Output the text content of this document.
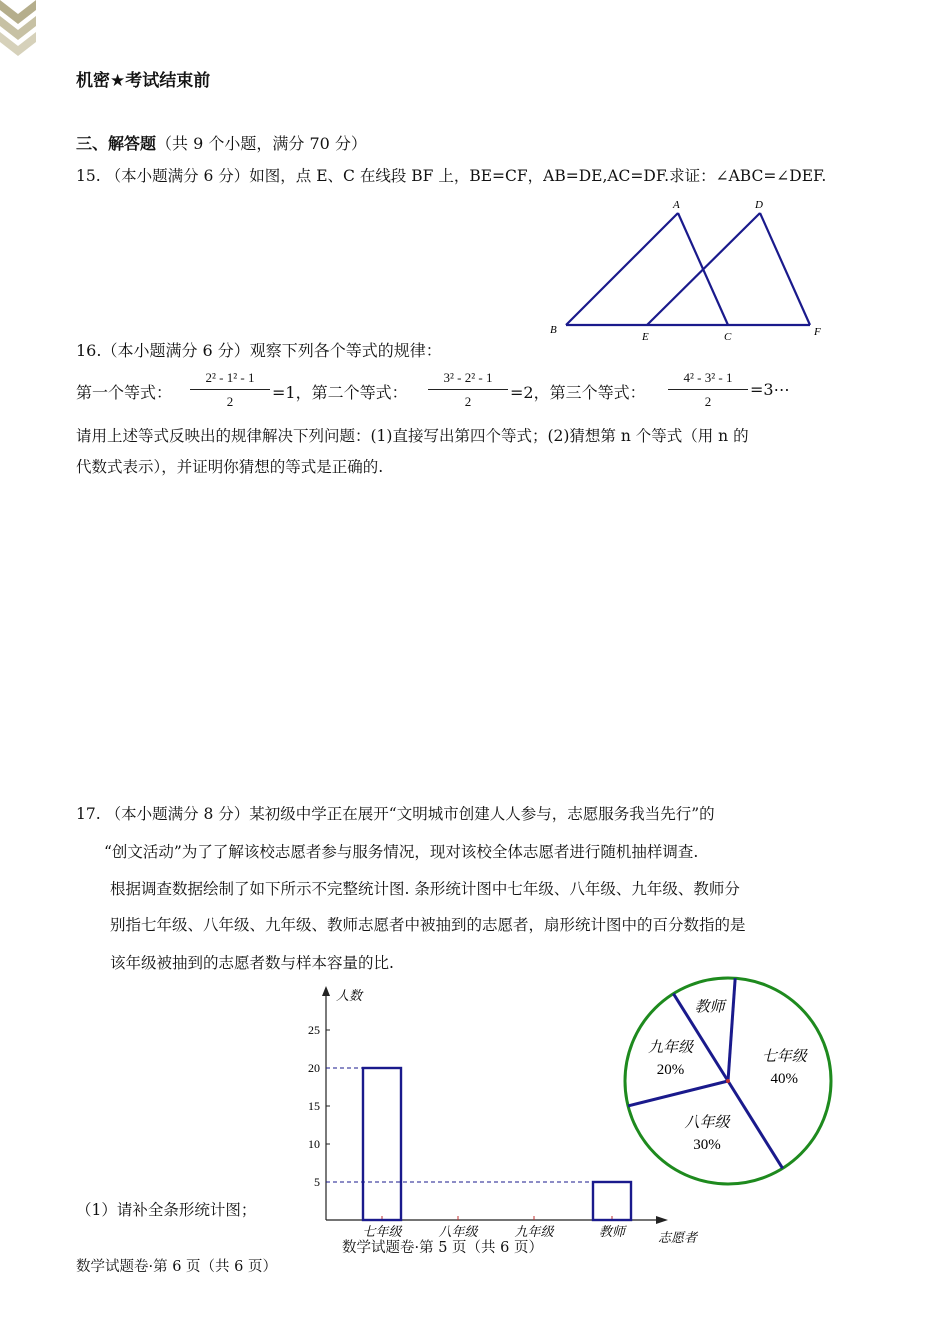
机密★考试结束前
三、解答题（共 9 个小题，满分 70 分）
15. （本小题满分 6 分）如图，点 E、C 在线段 BF 上，BE=CF，AB=DE,AC=DF.求证：∠ABC=∠DEF.
A	D
B
E	C	F
16.（本小题满分 6 分）观察下列各个等式的规律：
第一个等式： $\frac{\text{2² - 1² - 1}}{2} =1$，第二个等式： $\frac{\text{3² - 2² - 1}}{2} =2$，第三个等式： $\frac{\text{4² - 3² - 1}}{2}$ =3⋯
请用上述等式反映出的规律解决下列问题：(1)直接写出第四个等式；(2)猜想第 n 个等式（用 n 的
代数式表示），并证明你猜想的等式是正确的.
17. （本小题满分 8 分）某初级中学正在展开“文明城市创建人人参与，志愿服务我当先行”的
“创文活动”为了了解该校志愿者参与服务情况，现对该校全体志愿者进行随机抽样调查.
根据调查数据绘制了如下所示不完整统计图. 条形统计图中七年级、八年级、九年级、教师分
别指七年级、八年级、九年级、教师志愿者中被抽到的志愿者，扇形统计图中的百分数指的是
该年级被抽到的志愿者数与样本容量的比.
人数
志愿者
5
10
15
20
25
七年级	八年级	九年级	教师
七年级
40%
八年级
30%
九年级
20%
教师
（1）请补全条形统计图；
数学试题卷·第 5 页（共 6 页）
数学试题卷·第 6 页（共 6 页）
